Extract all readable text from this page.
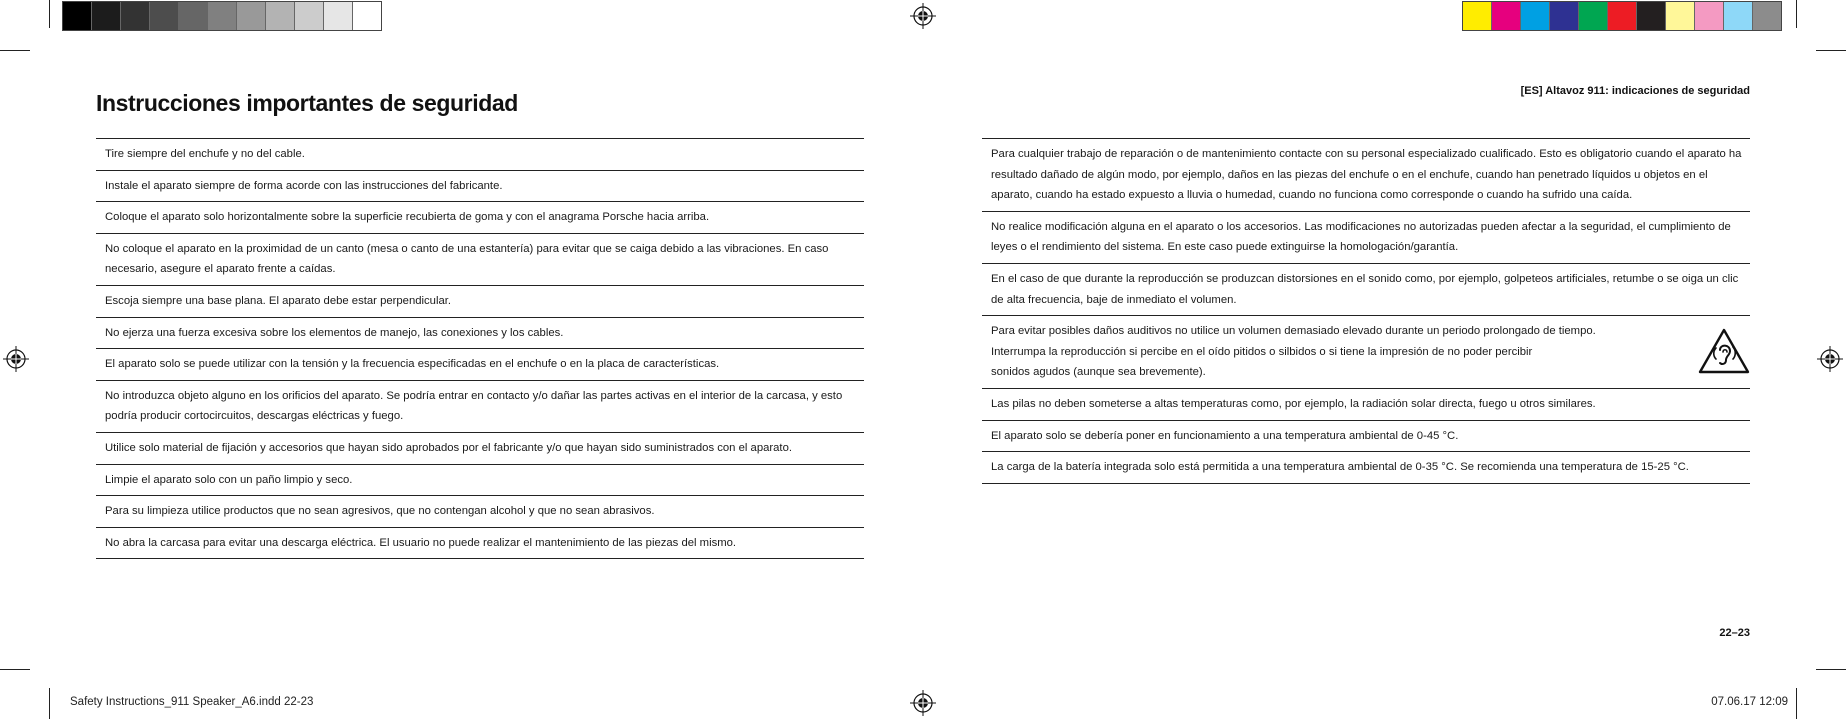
Instrucciones importantes de seguridad	[ES] Altavoz 911: indicaciones de seguridad
Tire siempre del enchufe y no del cable.
Instale el aparato siempre de forma acorde con las instrucciones del fabricante.
Coloque el aparato solo horizontalmente sobre la superficie recubierta de goma y con el anagrama Porsche hacia arriba.
No coloque el aparato en la proximidad de un canto (mesa o canto de una estantería) para evitar que se caiga debido a las vibraciones. En caso necesario, asegure el aparato frente a caídas.
Escoja siempre una base plana. El aparato debe estar perpendicular.
No ejerza una fuerza excesiva sobre los elementos de manejo, las conexiones y los cables.
El aparato solo se puede utilizar con la tensión y la frecuencia especificadas en el enchufe o en la placa de características.
No introduzca objeto alguno en los orificios del aparato. Se podría entrar en contacto y/o dañar las partes activas en el interior de la carcasa, y esto podría producir cortocircuitos, descargas eléctricas y fuego.
Utilice solo material de fijación y accesorios que hayan sido aprobados por el fabricante y/o que hayan sido suministrados con el aparato.
Limpie el aparato solo con un paño limpio y seco.
Para su limpieza utilice productos que no sean agresivos, que no contengan alcohol y que no sean abrasivos.
No abra la carcasa para evitar una descarga eléctrica. El usuario no puede realizar el mantenimiento de las piezas del mismo.
Para cualquier trabajo de reparación o de mantenimiento contacte con su personal especializado cualificado. Esto es obligatorio cuando el aparato ha resultado dañado de algún modo, por ejemplo, daños en las piezas del enchufe o en el enchufe, cuando han penetrado líquidos u objetos en el aparato, cuando ha estado expuesto a lluvia o humedad, cuando no funciona como corresponde o cuando ha sufrido una caída.
No realice modificación alguna en el aparato o los accesorios. Las modificaciones no autorizadas pueden afectar a la seguridad, el cumplimiento de leyes o el rendimiento del sistema. En este caso puede extinguirse la homologación/garantía.
En el caso de que durante la reproducción se produzcan distorsiones en el sonido como, por ejemplo, golpeteos artificiales, retumbe o se oiga un clic de alta frecuencia, baje de inmediato el volumen.
Para evitar posibles daños auditivos no utilice un volumen demasiado elevado durante un periodo prolongado de tiempo.
Interrumpa la reproducción si percibe en el oído pitidos o silbidos o si tiene la impresión de no poder percibir
sonidos agudos (aunque sea brevemente).
Las pilas no deben someterse a altas temperaturas como, por ejemplo, la radiación solar directa, fuego u otros similares.
El aparato solo se debería poner en funcionamiento a una temperatura ambiental de 0-45 °C.
La carga de la batería integrada solo está permitida a una temperatura ambiental de 0-35 °C. Se recomienda una temperatura de 15-25 °C.
22–23
Safety Instructions_911 Speaker_A6.indd 22-23	07.06.17 12:09
